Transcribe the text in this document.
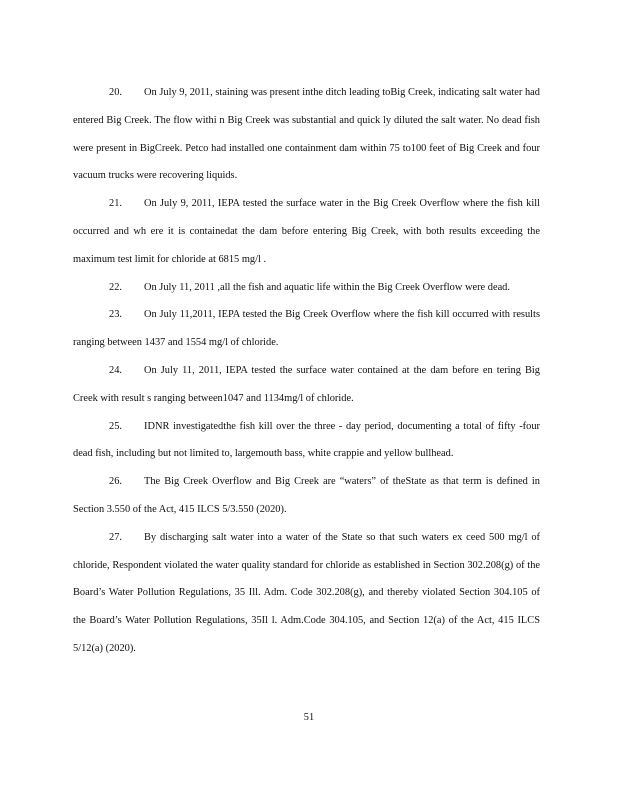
20. On July 9, 2011, staining was present inthe ditch leading toBig Creek, indicating salt water had entered Big Creek. The flow withi n Big Creek was substantial and quick ly diluted the salt water. No dead fish were present in BigCreek. Petco had installed one containment dam within 75 to100 feet of Big Creek and four vacuum trucks were recovering liquids.

21. On July 9, 2011, IEPA tested the surface water in the Big Creek Overflow where the fish kill occurred and wh ere it is containedat the dam before entering Big Creek, with both results exceeding the maximum test limit for chloride at 6815 mg/l .

22. On July 11, 2011 ,all the fish and aquatic life within the Big Creek Overflow were dead.

23. On July 11,2011, IEPA tested the Big Creek Overflow where the fish kill occurred with results ranging between 1437 and 1554 mg/l of chloride.

24. On July 11, 2011, IEPA tested the surface water contained at the dam before en tering Big Creek with result s ranging between1047 and 1134mg/l of chloride.

25. IDNR investigatedthe fish kill over the three - day period, documenting a total of fifty -four dead fish, including but not limited to, largemouth bass, white crappie and yellow bullhead.

26. The Big Creek Overflow and Big Creek are “waters” of theState as that term is defined in Section 3.550 of the Act, 415 ILCS 5/3.550 (2020).

27. By discharging salt water into a water of the State so that such waters ex ceed 500 mg/l of chloride, Respondent violated the water quality standard for chloride as established in Section 302.208(g) of the Board’s Water Pollution Regulations, 35 Ill. Adm. Code 302.208(g), and thereby violated Section 304.105 of the Board’s Water Pollution Regulations, 35Il l. Adm.Code 304.105, and Section 12(a) of the Act, 415 ILCS 5/12(a) (2020).

51
